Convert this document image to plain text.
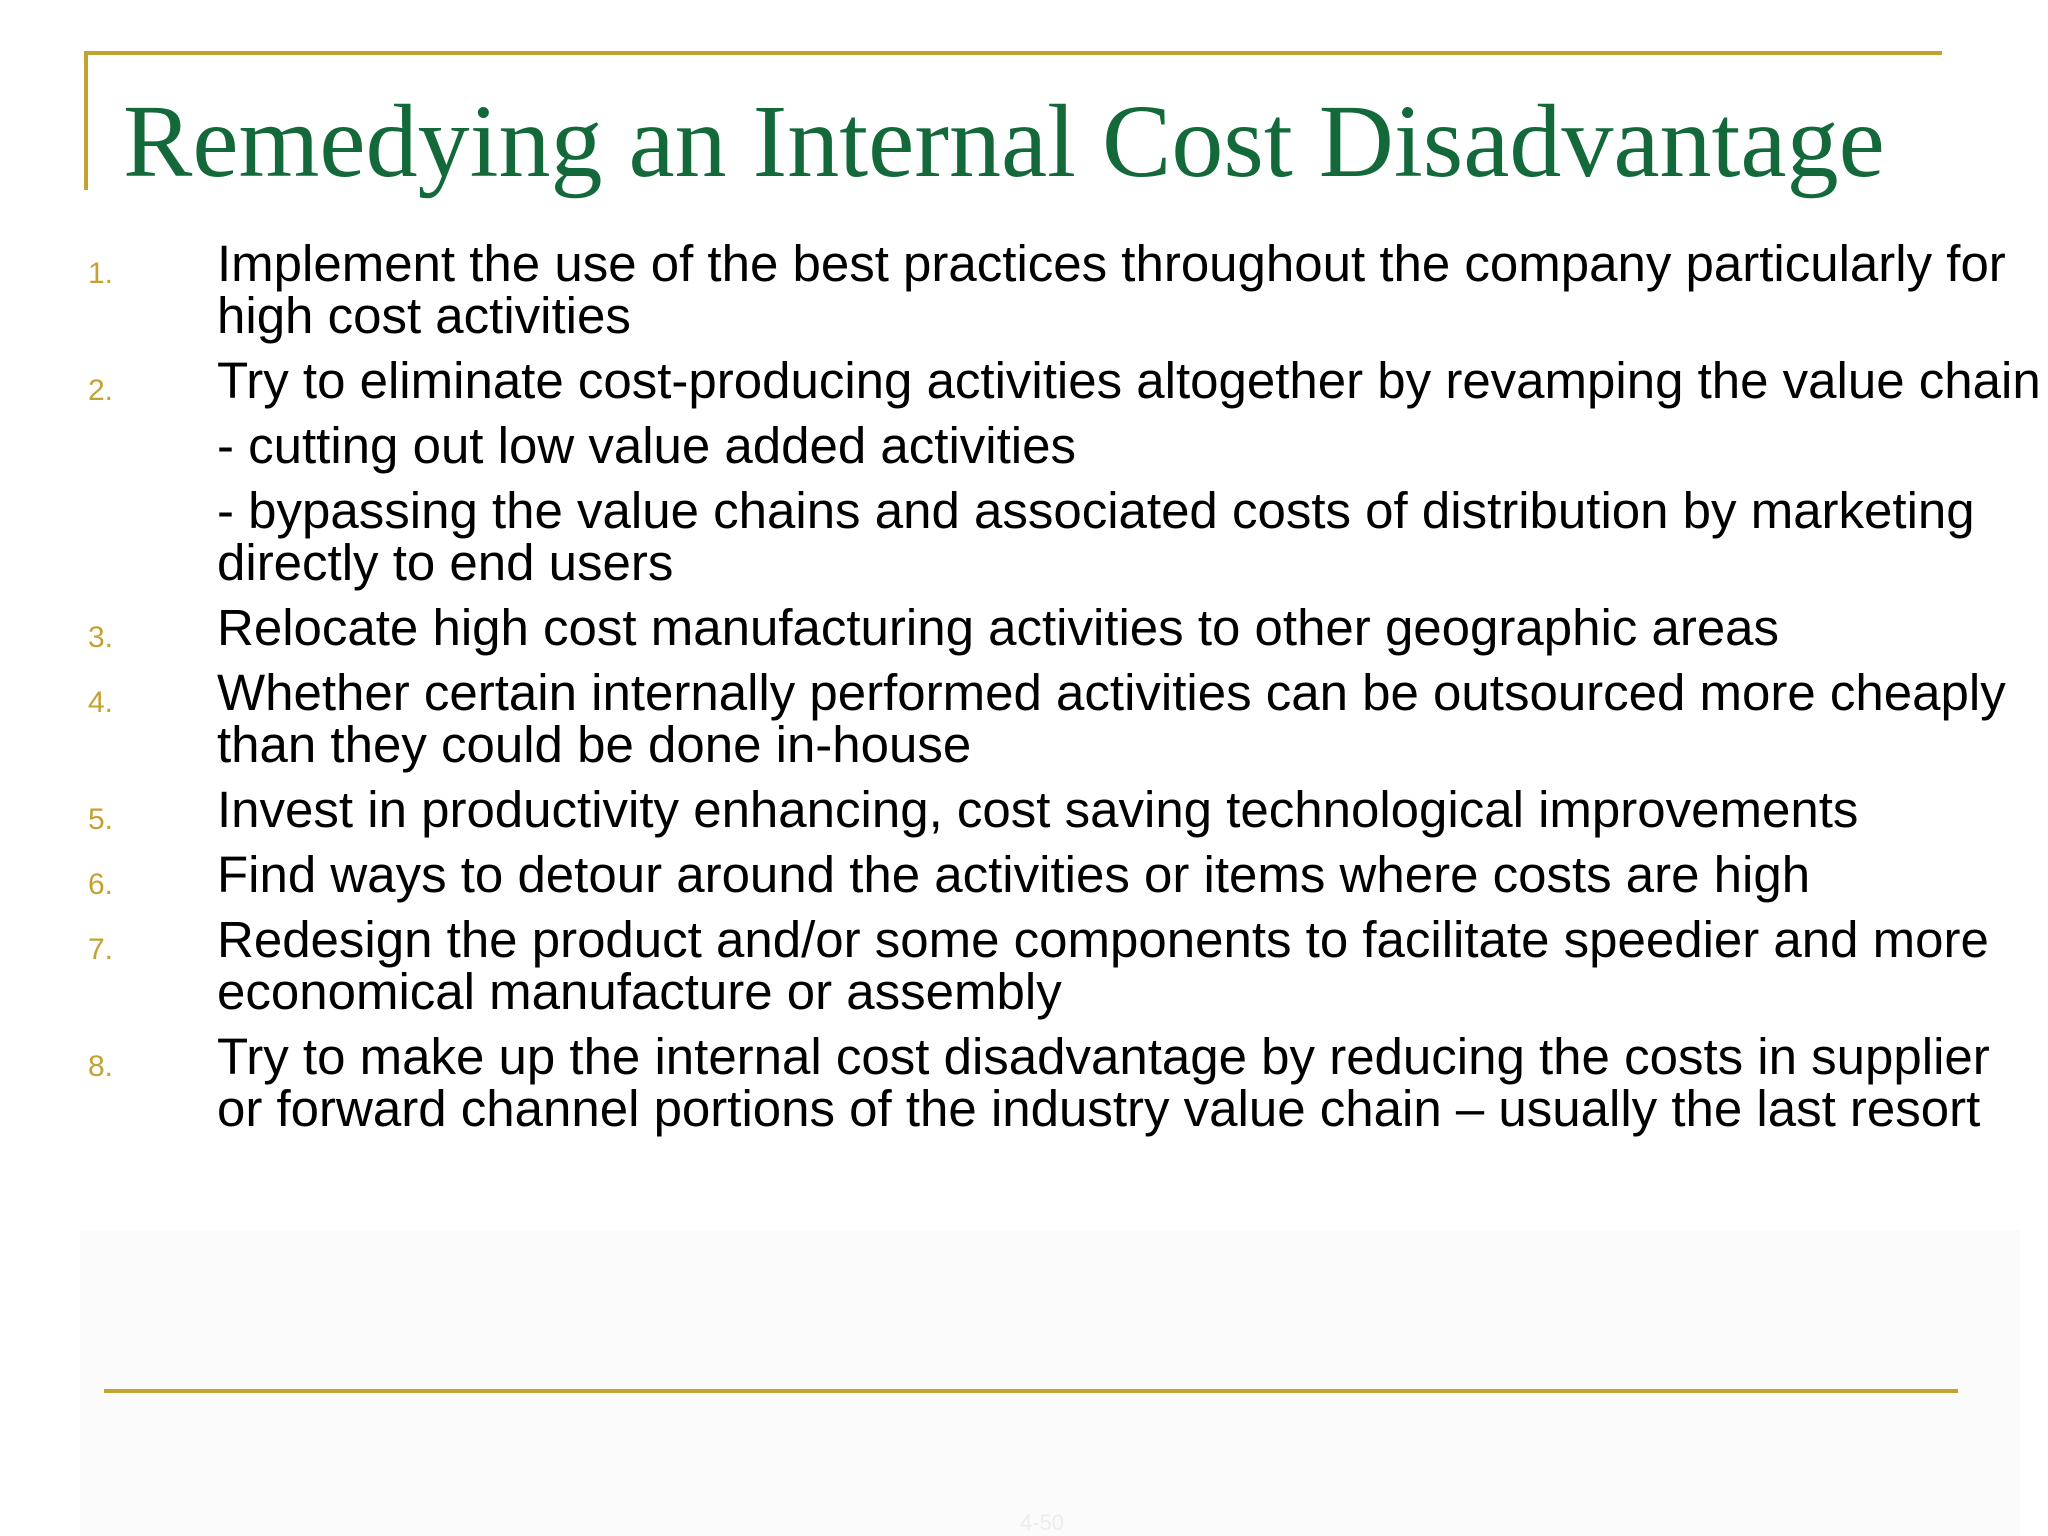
Remedying an Internal Cost Disadvantage
1. Implement the use of the best practices throughout the company particularly for high cost activities
2. Try to eliminate cost-producing activities altogether by revamping the value chain
- cutting out low value added activities
- bypassing the value chains and associated costs of distribution by marketing directly to end users
3. Relocate high cost manufacturing activities to other geographic areas
4. Whether certain internally performed activities can be outsourced more cheaply than they could be done in-house
5. Invest in productivity enhancing, cost saving technological improvements
6. Find ways to detour around the activities or items where costs are high
7. Redesign the product and/or some components to facilitate speedier and more economical manufacture or assembly
8. Try to make up the internal cost disadvantage by reducing the costs in supplier or forward channel portions of the industry value chain – usually the last resort
4-50
